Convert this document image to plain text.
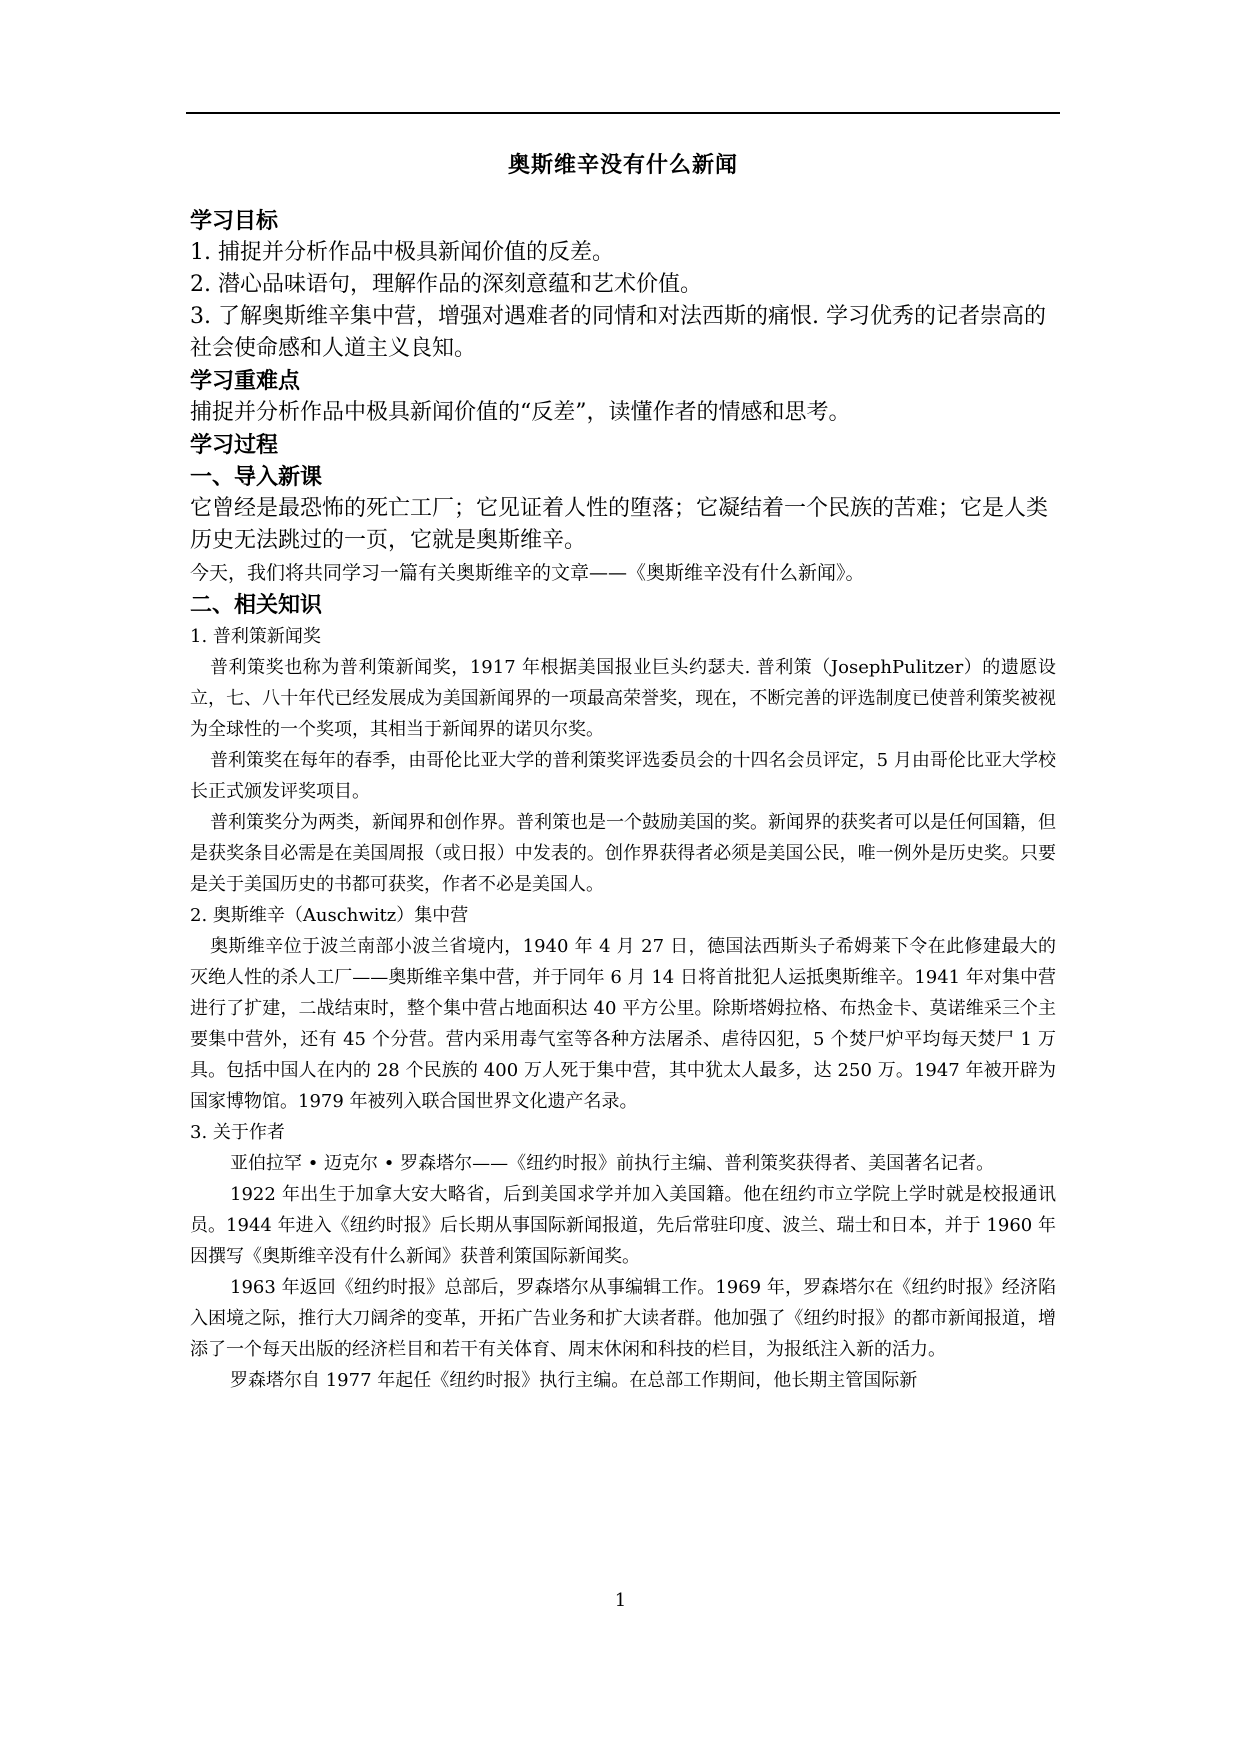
奥斯维辛没有什么新闻

学习目标

1. 捕捉并分析作品中极具新闻价值的反差。

2. 潜心品味语句，理解作品的深刻意蕴和艺术价值。

3. 了解奥斯维辛集中营，增强对遇难者的同情和对法西斯的痛恨. 学习优秀的记者崇高的社会使命感和人道主义良知。

学习重难点

捕捉并分析作品中极具新闻价值的“反差”，读懂作者的情感和思考。

学习过程

一、导入新课

它曾经是最恐怖的死亡工厂；它见证着人性的堕落；它凝结着一个民族的苦难；它是人类历史无法跳过的一页，它就是奥斯维辛。

今天，我们将共同学习一篇有关奥斯维辛的文章——《奥斯维辛没有什么新闻》。

二、相关知识

1. 普利策新闻奖

普利策奖也称为普利策新闻奖，1917 年根据美国报业巨头约瑟夫. 普利策（JosephPulitzer）的遗愿设立，七、八十年代已经发展成为美国新闻界的一项最高荣誉奖，现在，不断完善的评选制度已使普利策奖被视为全球性的一个奖项，其相当于新闻界的诺贝尔奖。

普利策奖在每年的春季，由哥伦比亚大学的普利策奖评选委员会的十四名会员评定，5 月由哥伦比亚大学校长正式颁发评奖项目。

普利策奖分为两类，新闻界和创作界。普利策也是一个鼓励美国的奖。新闻界的获奖者可以是任何国籍，但是获奖条目必需是在美国周报（或日报）中发表的。创作界获得者必须是美国公民，唯一例外是历史奖。只要是关于美国历史的书都可获奖，作者不必是美国人。

2. 奥斯维辛（Auschwitz）集中营

奥斯维辛位于波兰南部小波兰省境内，1940 年 4 月 27 日，德国法西斯头子希姆莱下令在此修建最大的灭绝人性的杀人工厂——奥斯维辛集中营，并于同年 6 月 14 日将首批犯人运抵奥斯维辛。1941 年对集中营进行了扩建，二战结束时，整个集中营占地面积达 40 平方公里。除斯塔姆拉格、布热金卡、莫诺维采三个主要集中营外，还有 45 个分营。营内采用毒气室等各种方法屠杀、虐待囚犯，5 个焚尸炉平均每天焚尸 1 万具。包括中国人在内的 28 个民族的 400 万人死于集中营，其中犹太人最多，达 250 万。1947 年被开辟为国家博物馆。1979 年被列入联合国世界文化遗产名录。

3. 关于作者

亚伯拉罕 • 迈克尔 • 罗森塔尔——《纽约时报》前执行主编、普利策奖获得者、美国著名记者。

1922 年出生于加拿大安大略省，后到美国求学并加入美国籍。他在纽约市立学院上学时就是校报通讯员。1944 年进入《纽约时报》后长期从事国际新闻报道，先后常驻印度、波兰、瑞士和日本，并于 1960 年因撰写《奥斯维辛没有什么新闻》获普利策国际新闻奖。

1963 年返回《纽约时报》总部后，罗森塔尔从事编辑工作。1969 年，罗森塔尔在《纽约时报》经济陷入困境之际，推行大刀阔斧的变革，开拓广告业务和扩大读者群。他加强了《纽约时报》的都市新闻报道，增添了一个每天出版的经济栏目和若干有关体育、周末休闲和科技的栏目，为报纸注入新的活力。

罗森塔尔自 1977 年起任《纽约时报》执行主编。在总部工作期间，他长期主管国际新

1
